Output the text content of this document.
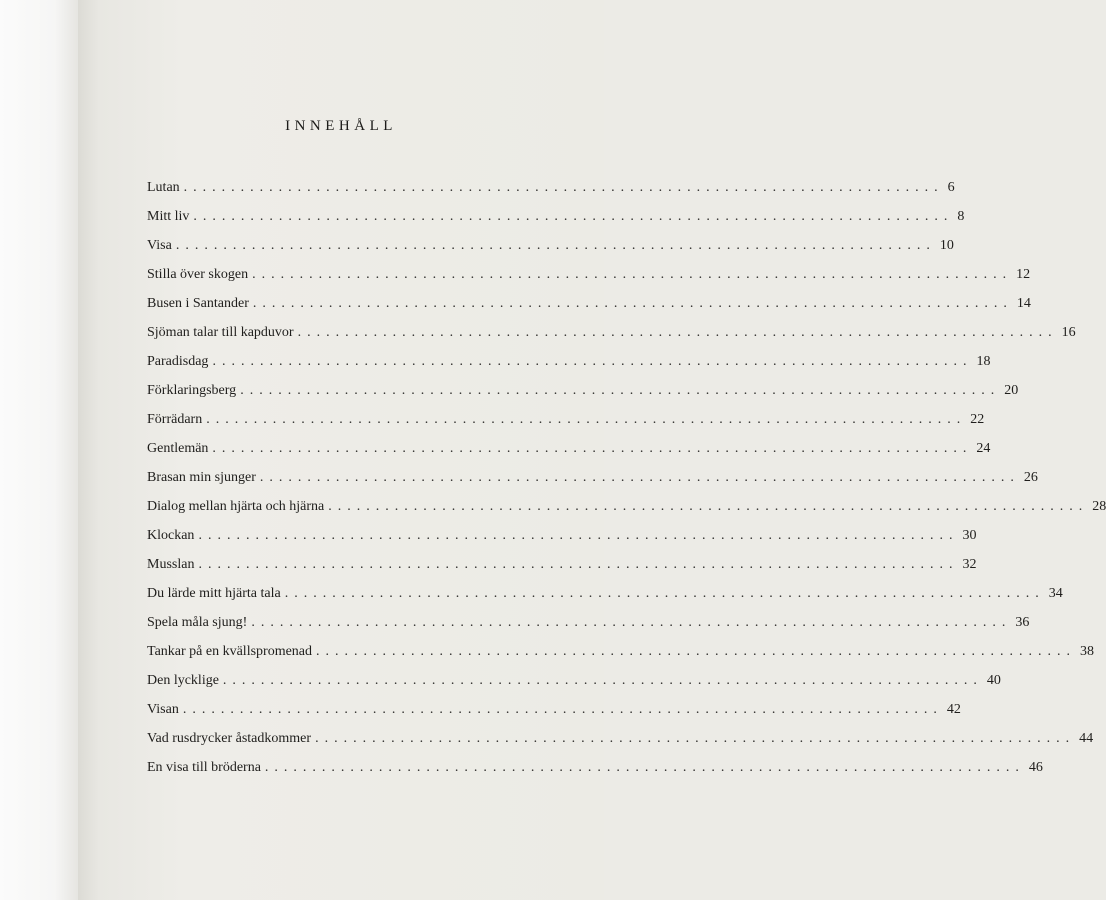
INNEHÅLL
Lutan ................................................................................ 6
Mitt liv ................................................................................ 8
Visa ................................................................................ 10
Stilla över skogen ................................................................................ 12
Busen i Santander ................................................................................ 14
Sjöman talar till kapduvor ................................................................................ 16
Paradisdag ................................................................................ 18
Förklaringsberg ................................................................................ 20
Förrädarn ................................................................................ 22
Gentlemän ................................................................................ 24
Brasan min sjunger ................................................................................ 26
Dialog mellan hjärta och hjärna ................................................................................ 28
Klockan ................................................................................ 30
Musslan ................................................................................ 32
Du lärde mitt hjärta tala ................................................................................ 34
Spela måla sjung! ................................................................................ 36
Tankar på en kvällspromenad ................................................................................ 38
Den lycklige ................................................................................ 40
Visan ................................................................................ 42
Vad rusdrycker åstadkommer ................................................................................ 44
En visa till bröderna ................................................................................ 46
